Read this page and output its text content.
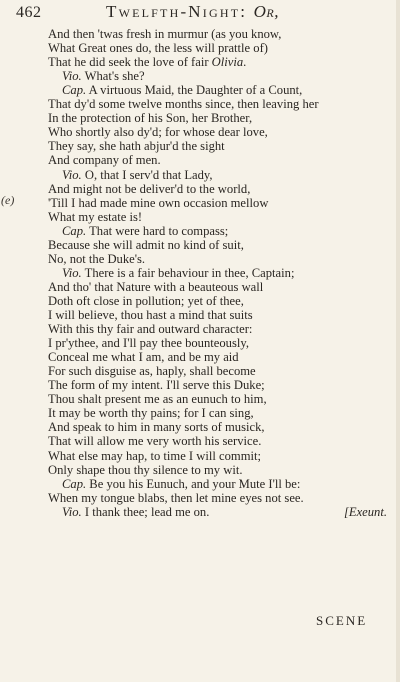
462	Twelfth-Night: Or,
(e)
And then 'twas fresh in murmur (as you know,
What Great ones do, the less will prattle of)
That he did seek the love of fair Olivia.
Vio. What's she?
Cap. A virtuous Maid, the Daughter of a Count,
That dy'd some twelve months since, then leaving her
In the protection of his Son, her Brother,
Who shortly also dy'd; for whose dear love,
They say, she hath abjur'd the sight
And company of men.
Vio. O, that I serv'd that Lady,
And might not be deliver'd to the world,
'Till I had made mine own occasion mellow
What my estate is!
Cap. That were hard to compass;
Because she will admit no kind of suit,
No, not the Duke's.
Vio. There is a fair behaviour in thee, Captain;
And tho' that Nature with a beauteous wall
Doth oft close in pollution; yet of thee,
I will believe, thou hast a mind that suits
With this thy fair and outward character:
I pr'ythee, and I'll pay thee bounteously,
Conceal me what I am, and be my aid
For such disguise as, haply, shall become
The form of my intent. I'll serve this Duke;
Thou shalt present me as an eunuch to him,
It may be worth thy pains; for I can sing,
And speak to him in many sorts of musick,
That will allow me very worth his service.
What else may hap, to time I will commit;
Only shape thou thy silence to my wit.
Cap. Be you his Eunuch, and your Mute I'll be:
When my tongue blabs, then let mine eyes not see.
Vio. I thank thee; lead me on.	[Exeunt.
SCENE
